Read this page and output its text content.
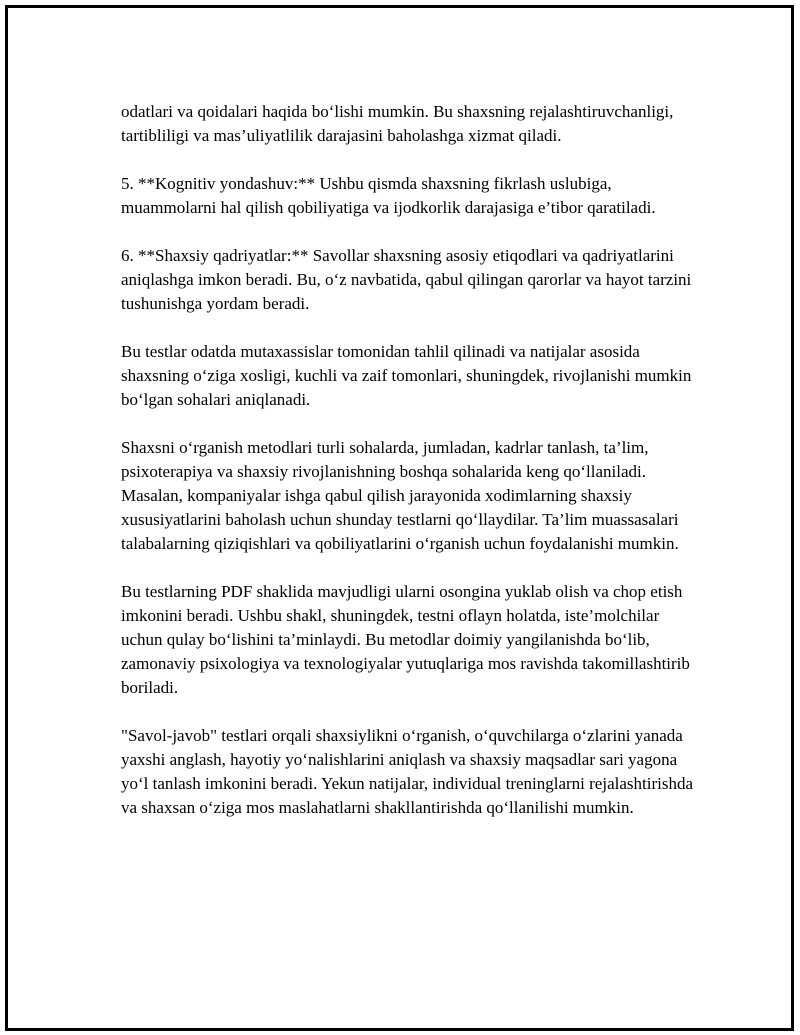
odatlari va qoidalari haqida boʻlishi mumkin. Bu shaxsning rejalashtiruvchanligi, tartibliligi va mas’uliyatlilik darajasini baholashga xizmat qiladi.

5. **Kognitiv yondashuv:** Ushbu qismda shaxsning fikrlash uslubiga, muammolarni hal qilish qobiliyatiga va ijodkorlik darajasiga e’tibor qaratiladi.

6. **Shaxsiy qadriyatlar:** Savollar shaxsning asosiy etiqodlari va qadriyatlarini aniqlashga imkon beradi. Bu, oʻz navbatida, qabul qilingan qarorlar va hayot tarzini tushunishga yordam beradi.

Bu testlar odatda mutaxassislar tomonidan tahlil qilinadi va natijalar asosida shaxsning oʻziga xosligi, kuchli va zaif tomonlari, shuningdek, rivojlanishi mumkin boʻlgan sohalari aniqlanadi.

Shaxsni oʻrganish metodlari turli sohalarda, jumladan, kadrlar tanlash, ta’lim, psixoterapiya va shaxsiy rivojlanishning boshqa sohalarida keng qoʻllaniladi. Masalan, kompaniyalar ishga qabul qilish jarayonida xodimlarning shaxsiy xususiyatlarini baholash uchun shunday testlarni qoʻllaydilar. Ta’lim muassasalari talabalarning qiziqishlari va qobiliyatlarini oʻrganish uchun foydalanishi mumkin.

Bu testlarning PDF shaklida mavjudligi ularni osongina yuklab olish va chop etish imkonini beradi. Ushbu shakl, shuningdek, testni oflayn holatda, iste’molchilar uchun qulay boʻlishini ta’minlaydi. Bu metodlar doimiy yangilanishda boʻlib, zamonaviy psixologiya va texnologiyalar yutuqlariga mos ravishda takomillashtirib boriladi.

"Savol-javob" testlari orqali shaxsiylikni oʻrganish, oʻquvchilarga oʻzlarini yanada yaxshi anglash, hayotiy yoʻnalishlarini aniqlash va shaxsiy maqsadlar sari yagona yoʻl tanlash imkonini beradi. Yekun natijalar, individual treninglarni rejalashtirishda va shaxsan oʻziga mos maslahatlarni shakllantirishda qoʻllanilishi mumkin.
